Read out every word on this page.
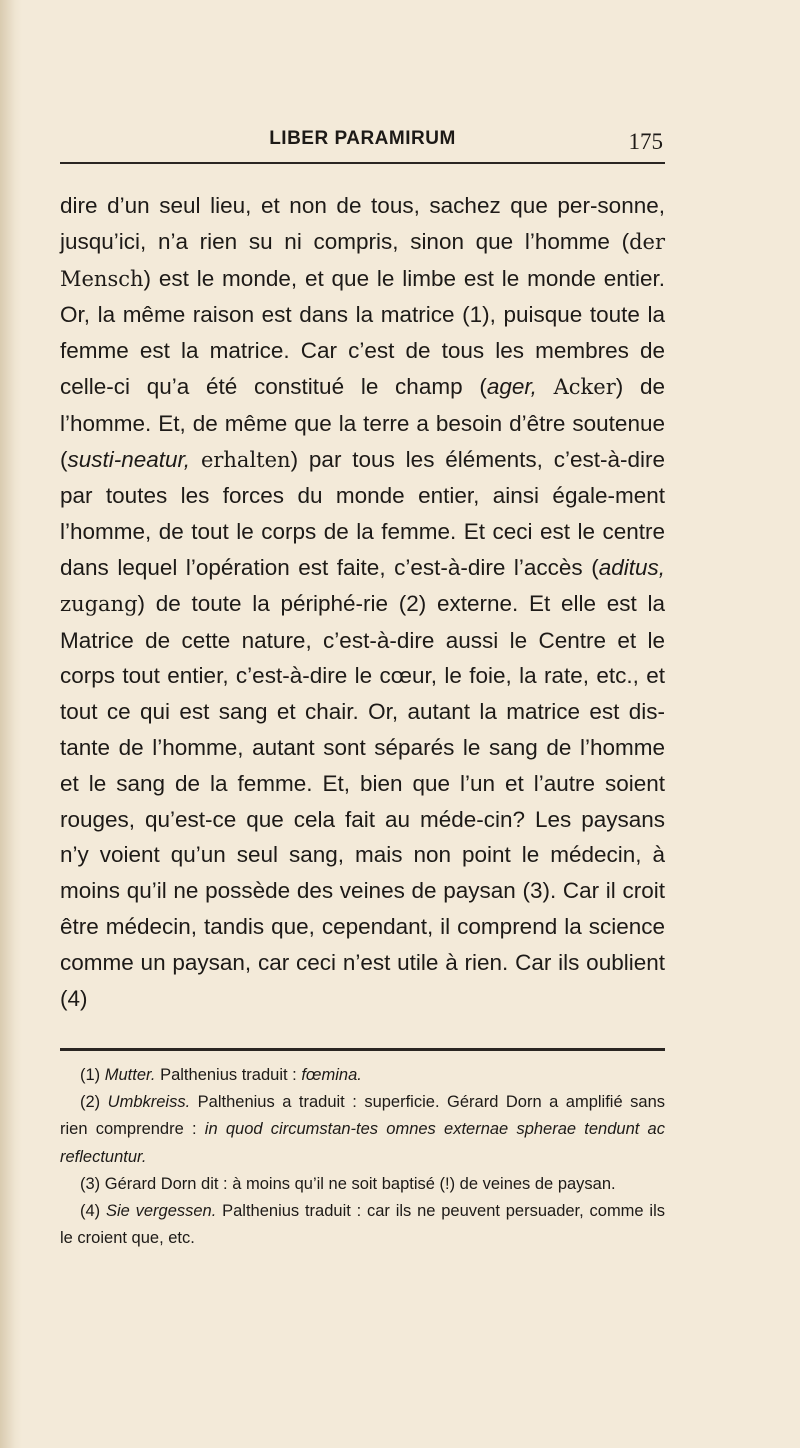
LIBER PARAMIRUM	175

dire d’un seul lieu, et non de tous, sachez que per-sonne, jusqu’ici, n’a rien su ni compris, sinon que l’homme (der Mensch) est le monde, et que le limbe est le monde entier. Or, la même raison est dans la matrice (1), puisque toute la femme est la matrice. Car c’est de tous les membres de celle-ci qu’a été constitué le champ (ager, Acker) de l’homme. Et, de même que la terre a besoin d’être soutenue (susti-neatur, erhalten) par tous les éléments, c’est-à-dire par toutes les forces du monde entier, ainsi égale-ment l’homme, de tout le corps de la femme. Et ceci est le centre dans lequel l’opération est faite, c’est-à-dire l’accès (aditus, zugang) de toute la périphé-rie (2) externe. Et elle est la Matrice de cette nature, c’est-à-dire aussi le Centre et le corps tout entier, c’est-à-dire le cœur, le foie, la rate, etc., et tout ce qui est sang et chair. Or, autant la matrice est dis-tante de l’homme, autant sont séparés le sang de l’homme et le sang de la femme. Et, bien que l’un et l’autre soient rouges, qu’est-ce que cela fait au méde-cin? Les paysans n’y voient qu’un seul sang, mais non point le médecin, à moins qu’il ne possède des veines de paysan (3). Car il croit être médecin, tandis que, cependant, il comprend la science comme un paysan, car ceci n’est utile à rien. Car ils oublient (4)

(1) Mutter. Palthenius traduit : fœmina.

(2) Umbkreiss. Palthenius a traduit : superficie. Gérard Dorn a amplifié sans rien comprendre : in quod circumstan-tes omnes externae spherae tendunt ac reflectuntur.

(3) Gérard Dorn dit : à moins qu’il ne soit baptisé (!) de veines de paysan.

(4) Sie vergessen. Palthenius traduit : car ils ne peuvent persuader, comme ils le croient que, etc.
